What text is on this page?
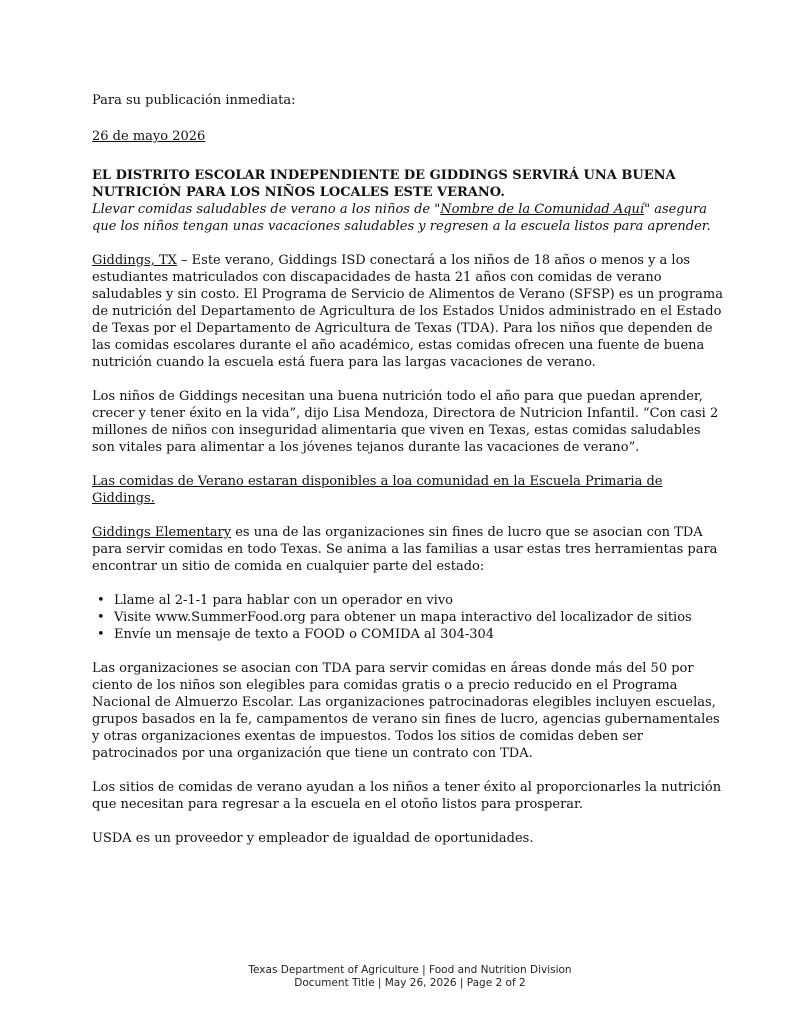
Para su publicación inmediata:

26 de mayo 2026

EL DISTRITO ESCOLAR INDEPENDIENTE DE GIDDINGS SERVIRÁ UNA BUENA NUTRICIÓN PARA LOS NIÑOS LOCALES ESTE VERANO.

Llevar comidas saludables de verano a los niños de "Nombre de la Comunidad Aquí" asegura que los niños tengan unas vacaciones saludables y regresen a la escuela listos para aprender.

Giddings, TX – Este verano, Giddings ISD conectará a los niños de 18 años o menos y a los estudiantes matriculados con discapacidades de hasta 21 años con comidas de verano saludables y sin costo. El Programa de Servicio de Alimentos de Verano (SFSP) es un programa de nutrición del Departamento de Agricultura de los Estados Unidos administrado en el Estado de Texas por el Departamento de Agricultura de Texas (TDA). Para los niños que dependen de las comidas escolares durante el año académico, estas comidas ofrecen una fuente de buena nutrición cuando la escuela está fuera para las largas vacaciones de verano.

Los niños de Giddings necesitan una buena nutrición todo el año para que puedan aprender, crecer y tener éxito en la vida”, dijo Lisa Mendoza, Directora de Nutricion Infantil. “Con casi 2 millones de niños con inseguridad alimentaria que viven en Texas, estas comidas saludables son vitales para alimentar a los jóvenes tejanos durante las vacaciones de verano”.

Las comidas de Verano estaran disponibles a loa comunidad en la Escuela Primaria de Giddings.

Giddings Elementary es una de las organizaciones sin fines de lucro que se asocian con TDA para servir comidas en todo Texas. Se anima a las familias a usar estas tres herramientas para encontrar un sitio de comida en cualquier parte del estado:

• Llame al 2-1-1 para hablar con un operador en vivo
• Visite www.SummerFood.org para obtener un mapa interactivo del localizador de sitios
• Envíe un mensaje de texto a FOOD o COMIDA al 304-304

Las organizaciones se asocian con TDA para servir comidas en áreas donde más del 50 por ciento de los niños son elegibles para comidas gratis o a precio reducido en el Programa Nacional de Almuerzo Escolar. Las organizaciones patrocinadoras elegibles incluyen escuelas, grupos basados en la fe, campamentos de verano sin fines de lucro, agencias gubernamentales y otras organizaciones exentas de impuestos. Todos los sitios de comidas deben ser patrocinados por una organización que tiene un contrato con TDA.

Los sitios de comidas de verano ayudan a los niños a tener éxito al proporcionarles la nutrición que necesitan para regresar a la escuela en el otoño listos para prosperar.

USDA es un proveedor y empleador de igualdad de oportunidades.

Texas Department of Agriculture | Food and Nutrition Division
Document Title | May 26, 2026 | Page 2 of 2
